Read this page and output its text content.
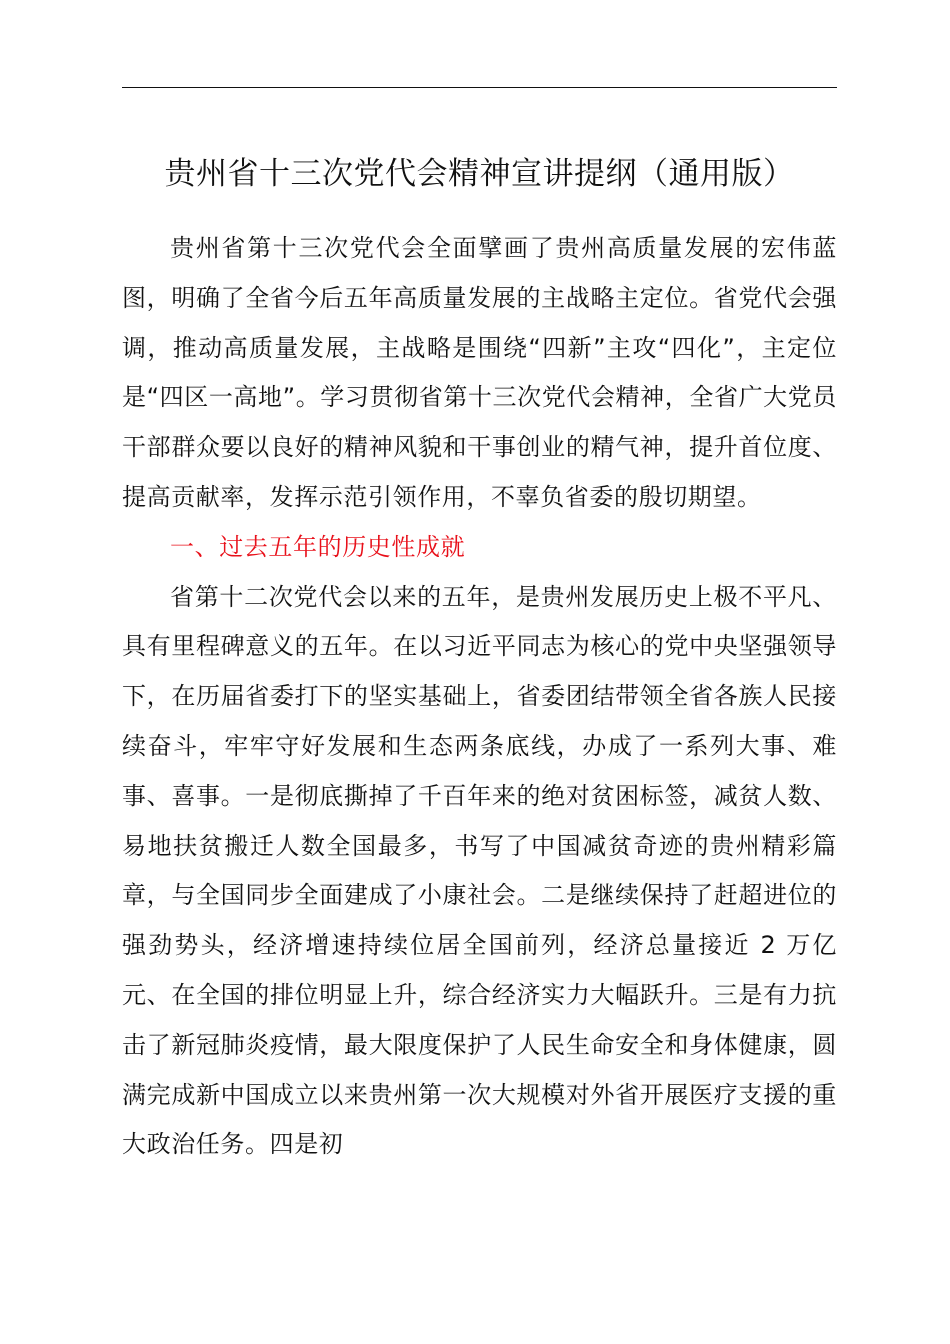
贵州省十三次党代会精神宣讲提纲（通用版）

贵州省第十三次党代会全面擘画了贵州高质量发展的宏伟蓝图，明确了全省今后五年高质量发展的主战略主定位。省党代会强调，推动高质量发展，主战略是围绕“四新”主攻“四化”，主定位是“四区一高地”。学习贯彻省第十三次党代会精神，全省广大党员干部群众要以良好的精神风貌和干事创业的精气神，提升首位度、提高贡献率，发挥示范引领作用，不辜负省委的殷切期望。

一、过去五年的历史性成就

省第十二次党代会以来的五年，是贵州发展历史上极不平凡、具有里程碑意义的五年。在以习近平同志为核心的党中央坚强领导下，在历届省委打下的坚实基础上，省委团结带领全省各族人民接续奋斗，牢牢守好发展和生态两条底线，办成了一系列大事、难事、喜事。一是彻底撕掉了千百年来的绝对贫困标签，减贫人数、易地扶贫搬迁人数全国最多，书写了中国减贫奇迹的贵州精彩篇章，与全国同步全面建成了小康社会。二是继续保持了赶超进位的强劲势头，经济增速持续位居全国前列，经济总量接近 2 万亿元、在全国的排位明显上升，综合经济实力大幅跃升。三是有力抗击了新冠肺炎疫情，最大限度保护了人民生命安全和身体健康，圆满完成新中国成立以来贵州第一次大规模对外省开展医疗支援的重大政治任务。四是初
